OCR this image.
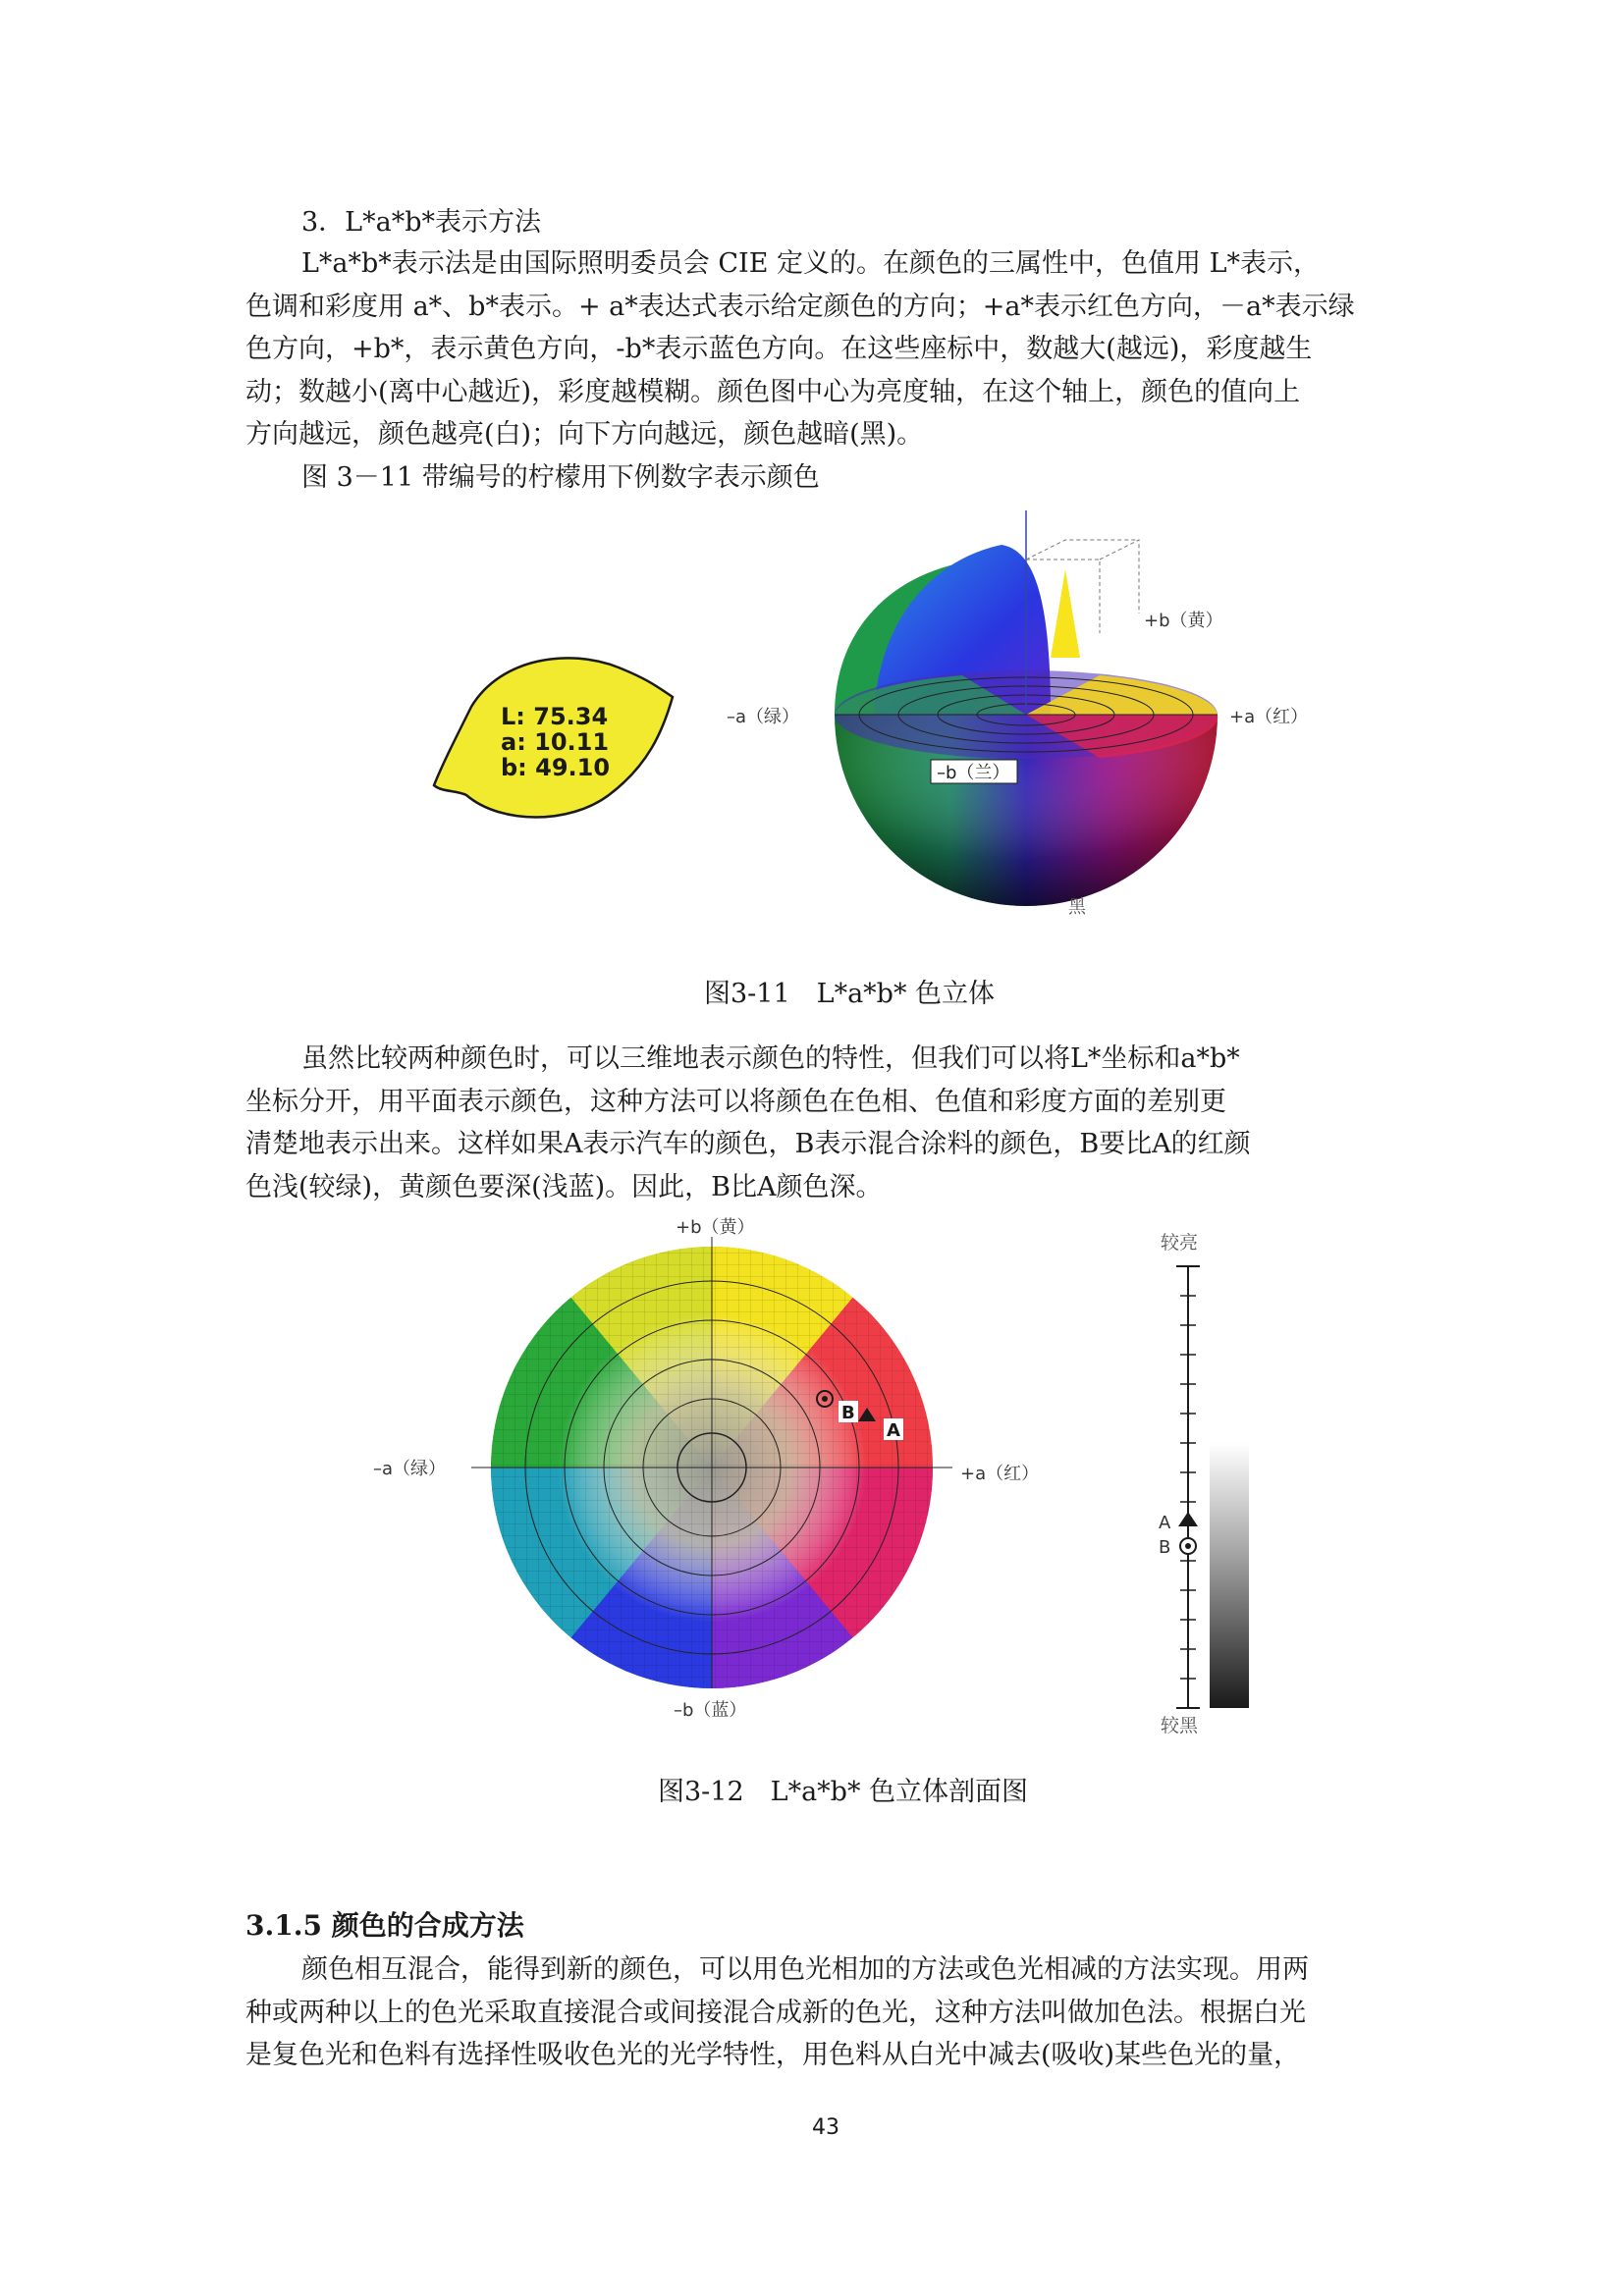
3．L*a*b*表示方法
L*a*b*表示法是由国际照明委员会 CIE 定义的。在颜色的三属性中，色值用 L*表示，
色调和彩度用 a*、b*表示。+ a*表达式表示给定颜色的方向；+a*表示红色方向，－a*表示绿
色方向，+b*，表示黄色方向，-b*表示蓝色方向。在这些座标中，数越大(越远)，彩度越生
动；数越小(离中心越近)，彩度越模糊。颜色图中心为亮度轴，在这个轴上，颜色的值向上
方向越远，颜色越亮(白)；向下方向越远，颜色越暗(黑)。
图 3－11 带编号的柠檬用下例数字表示颜色
L: 75.34
a: 10.11
b: 49.10
+b（黄）
–a（绿）	+a（红）
–b（兰）
黑
图3-11　L*a*b* 色立体
虽然比较两种颜色时，可以三维地表示颜色的特性，但我们可以将L*坐标和a*b*
坐标分开，用平面表示颜色，这种方法可以将颜色在色相、色值和彩度方面的差别更
清楚地表示出来。这样如果A表示汽车的颜色，B表示混合涂料的颜色，B要比A的红颜
色浅(较绿)，黄颜色要深(浅蓝)。因此，B比A颜色深。
B
A
+b（黄）
–a（绿）	+a（红）
–b（蓝）
较亮
较黑
A
B
图3-12　L*a*b* 色立体剖面图
3.1.5 颜色的合成方法
颜色相互混合，能得到新的颜色，可以用色光相加的方法或色光相减的方法实现。用两
种或两种以上的色光采取直接混合或间接混合成新的色光，这种方法叫做加色法。根据白光
是复色光和色料有选择性吸收色光的光学特性，用色料从白光中减去(吸收)某些色光的量，
43
